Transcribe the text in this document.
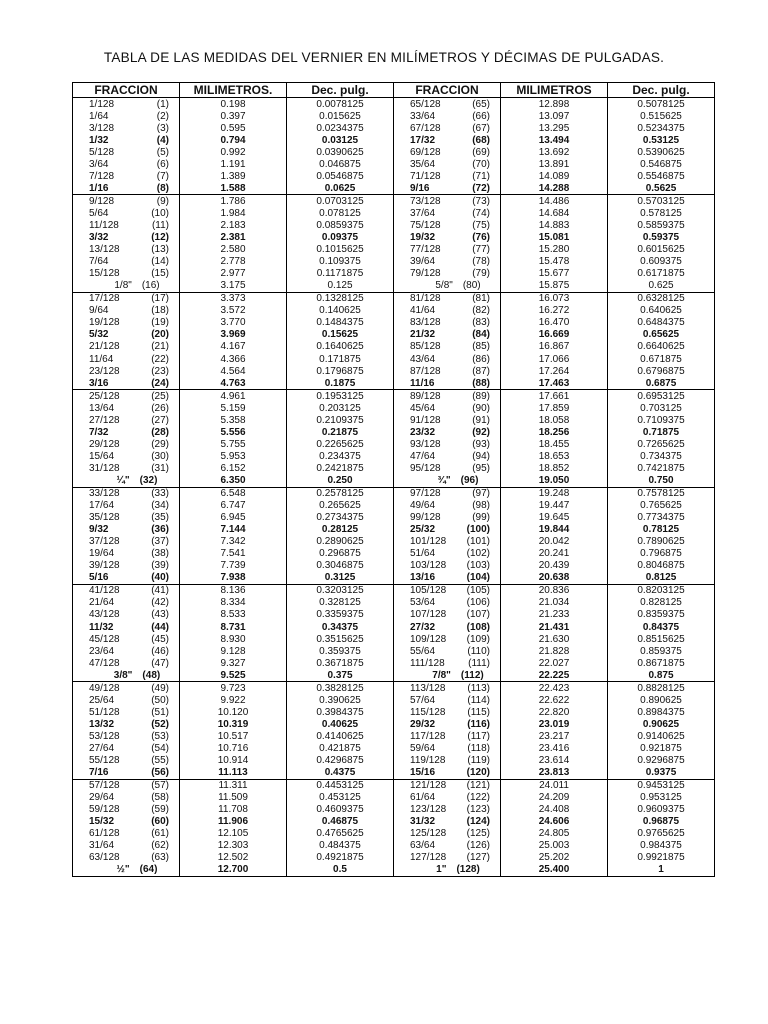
TABLA DE LAS MEDIDAS DEL VERNIER EN MILÍMETROS Y DÉCIMAS DE PULGADAS.
FRACCION	MILIMETROS.	Dec. pulg.	FRACCION	MILIMETROS	Dec. pulg.

1/128 (1)	0.198	0.0078125	65/128 (65)	12.898	0.5078125

1/64 (2)	0.397	0.015625	33/64 (66)	13.097	0.515625

3/128 (3)	0.595	0.0234375	67/128 (67)	13.295	0.5234375

1/32 (4)	0.794	0.03125	17/32 (68)	13.494	0.53125

5/128 (5)	0.992	0.0390625	69/128 (69)	13.692	0.5390625

3/64 (6)	1.191	0.046875	35/64 (70)	13.891	0.546875

7/128 (7)	1.389	0.0546875	71/128 (71)	14.089	0.5546875

1/16 (8)	1.588	0.0625	9/16 (72)	14.288	0.5625

9/128 (9)	1.786	0.0703125	73/128 (73)	14.486	0.5703125

5/64 (10)	1.984	0.078125	37/64 (74)	14.684	0.578125

11/128 (11)	2.183	0.0859375	75/128 (75)	14.883	0.5859375

3/32 (12)	2.381	0.09375	19/32 (76)	15.081	0.59375

13/128 (13)	2.580	0.1015625	77/128 (77)	15.280	0.6015625

7/64 (14)	2.778	0.109375	39/64 (78)	15.478	0.609375

15/128 (15)	2.977	0.1171875	79/128 (79)	15.677	0.6171875

1/8" (16)	3.175	0.125	5/8" (80)	15.875	0.625

17/128 (17)	3.373	0.1328125	81/128 (81)	16.073	0.6328125

9/64 (18)	3.572	0.140625	41/64 (82)	16.272	0.640625

19/128 (19)	3.770	0.1484375	83/128 (83)	16.470	0.6484375

5/32 (20)	3.969	0.15625	21/32 (84)	16.669	0.65625

21/128 (21)	4.167	0.1640625	85/128 (85)	16.867	0.6640625

11/64 (22)	4.366	0.171875	43/64 (86)	17.066	0.671875

23/128 (23)	4.564	0.1796875	87/128 (87)	17.264	0.6796875

3/16 (24)	4.763	0.1875	11/16 (88)	17.463	0.6875

25/128 (25)	4.961	0.1953125	89/128 (89)	17.661	0.6953125

13/64 (26)	5.159	0.203125	45/64 (90)	17.859	0.703125

27/128 (27)	5.358	0.2109375	91/128 (91)	18.058	0.7109375

7/32 (28)	5.556	0.21875	23/32 (92)	18.256	0.71875

29/128 (29)	5.755	0.2265625	93/128 (93)	18.455	0.7265625

15/64 (30)	5.953	0.234375	47/64 (94)	18.653	0.734375

31/128 (31)	6.152	0.2421875	95/128 (95)	18.852	0.7421875

¼" (32)	6.350	0.250	¾" (96)	19.050	0.750

33/128 (33)	6.548	0.2578125	97/128 (97)	19.248	0.7578125

17/64 (34)	6.747	0.265625	49/64 (98)	19.447	0.765625

35/128 (35)	6.945	0.2734375	99/128 (99)	19.645	0.7734375

9/32 (36)	7.144	0.28125	25/32 (100)	19.844	0.78125

37/128 (37)	7.342	0.2890625	101/128 (101)	20.042	0.7890625

19/64 (38)	7.541	0.296875	51/64 (102)	20.241	0.796875

39/128 (39)	7.739	0.3046875	103/128 (103)	20.439	0.8046875

5/16 (40)	7.938	0.3125	13/16 (104)	20.638	0.8125

41/128 (41)	8.136	0.3203125	105/128 (105)	20.836	0.8203125

21/64 (42)	8.334	0.328125	53/64 (106)	21.034	0.828125

43/128 (43)	8.533	0.3359375	107/128 (107)	21.233	0.8359375

11/32 (44)	8.731	0.34375	27/32 (108)	21.431	0.84375

45/128 (45)	8.930	0.3515625	109/128 (109)	21.630	0.8515625

23/64 (46)	9.128	0.359375	55/64 (110)	21.828	0.859375

47/128 (47)	9.327	0.3671875	111/128 (111)	22.027	0.8671875

3/8" (48)	9.525	0.375	7/8" (112)	22.225	0.875

49/128 (49)	9.723	0.3828125	113/128 (113)	22.423	0.8828125

25/64 (50)	9.922	0.390625	57/64 (114)	22.622	0.890625

51/128 (51)	10.120	0.3984375	115/128 (115)	22.820	0.8984375

13/32 (52)	10.319	0.40625	29/32 (116)	23.019	0.90625

53/128 (53)	10.517	0.4140625	117/128 (117)	23.217	0.9140625

27/64 (54)	10.716	0.421875	59/64 (118)	23.416	0.921875

55/128 (55)	10.914	0.4296875	119/128 (119)	23.614	0.9296875

7/16 (56)	11.113	0.4375	15/16 (120)	23.813	0.9375

57/128 (57)	11.311	0.4453125	121/128 (121)	24.011	0.9453125

29/64 (58)	11.509	0.453125	61/64 (122)	24.209	0.953125

59/128 (59)	11.708	0.4609375	123/128 (123)	24.408	0.9609375

15/32 (60)	11.906	0.46875	31/32 (124)	24.606	0.96875

61/128 (61)	12.105	0.4765625	125/128 (125)	24.805	0.9765625

31/64 (62)	12.303	0.484375	63/64 (126)	25.003	0.984375

63/128 (63)	12.502	0.4921875	127/128 (127)	25.202	0.9921875

½" (64)	12.700	0.5	1" (128)	25.400	1
